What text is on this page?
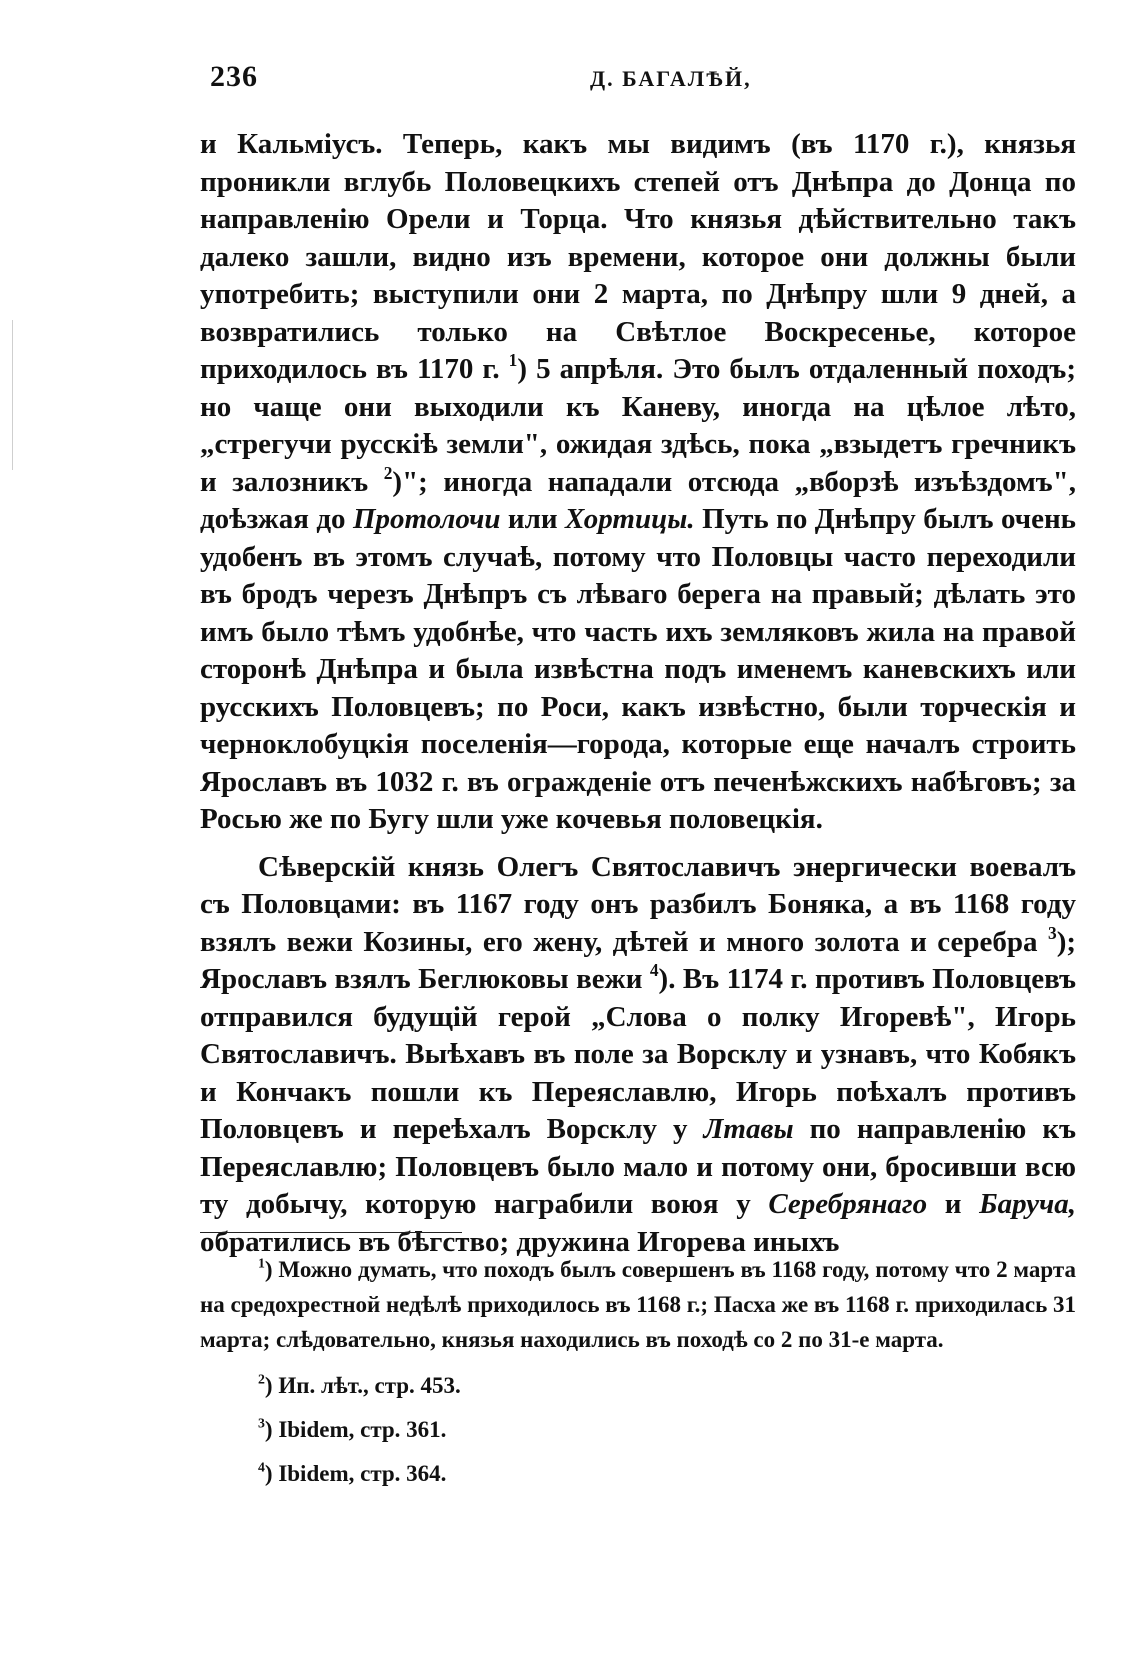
236	Д. БАГАЛѢЙ,

и Кальміусъ. Теперь, какъ мы видимъ (въ 1170 г.), князья проникли вглубь Половецкихъ степей отъ Днѣпра до Донца по направленію Орели и Торца. Что князья дѣйствительно такъ далеко зашли, видно изъ времени, которое они должны были употребить; выступили они 2 марта, по Днѣпру шли 9 дней, а возвратились только на Свѣтлое Воскресенье, которое приходилось въ 1170 г. $^1$) 5 апрѣля. Это былъ отдаленный походъ; но чаще они выходили къ Каневу, иногда на цѣлое лѣто, „стрегучи русскіѣ земли", ожидая здѣсь, пока „взыдетъ гречникъ и залозникъ $^2$)"; иногда нападали отсюда „вборзѣ изъѣздомъ", доѣзжая до Протолочи или Хортицы. Путь по Днѣпру былъ очень удобенъ въ этомъ случаѣ, потому что Половцы часто переходили въ бродъ черезъ Днѣпръ съ лѣваго берега на правый; дѣлать это имъ было тѣмъ удобнѣе, что часть ихъ земляковъ жила на правой сторонѣ Днѣпра и была извѣстна подъ именемъ каневскихъ или русскихъ Половцевъ; по Роси, какъ извѣстно, были торческія и черноклобуцкія поселенія—города, которые еще началъ строить Ярославъ въ 1032 г. въ огражденіе отъ печенѣжскихъ набѣговъ; за Росью же по Бугу шли уже кочевья половецкія.

Сѣверскій князь Олегъ Святославичъ энергически воевалъ съ Половцами: въ 1167 году онъ разбилъ Боняка, а въ 1168 году взялъ вежи Козины, его жену, дѣтей и много золота и серебра $^3$); Ярославъ взялъ Беглюковы вежи $^4$). Въ 1174 г. противъ Половцевъ отправился будущій герой „Слова о полку Игоревѣ", Игорь Святославичъ. Выѣхавъ въ поле за Ворсклу и узнавъ, что Кобякъ и Кончакъ пошли къ Переяславлю, Игорь поѣхалъ противъ Половцевъ и переѣхалъ Ворсклу у Лтавы по направленію къ Переяславлю; Половцевъ было мало и потому они, бросивши всю ту добычу, которую награбили воюя у Серебрянаго и Баруча, обратились въ бѣгство; дружина Игорева иныхъ

$^1$) Можно думать, что походъ былъ совершенъ въ 1168 году, потому что 2 марта на средохрестной недѣлѣ приходилось въ 1168 г.; Пасха же въ 1168 г. приходилась 31 марта; слѣдовательно, князья находились въ походѣ со 2 по 31-е марта.

$^2$) Ип. лѣт., стр. 453.

$^3$) Ibidem, стр. 361.

$^4$) Ibidem, стр. 364.
